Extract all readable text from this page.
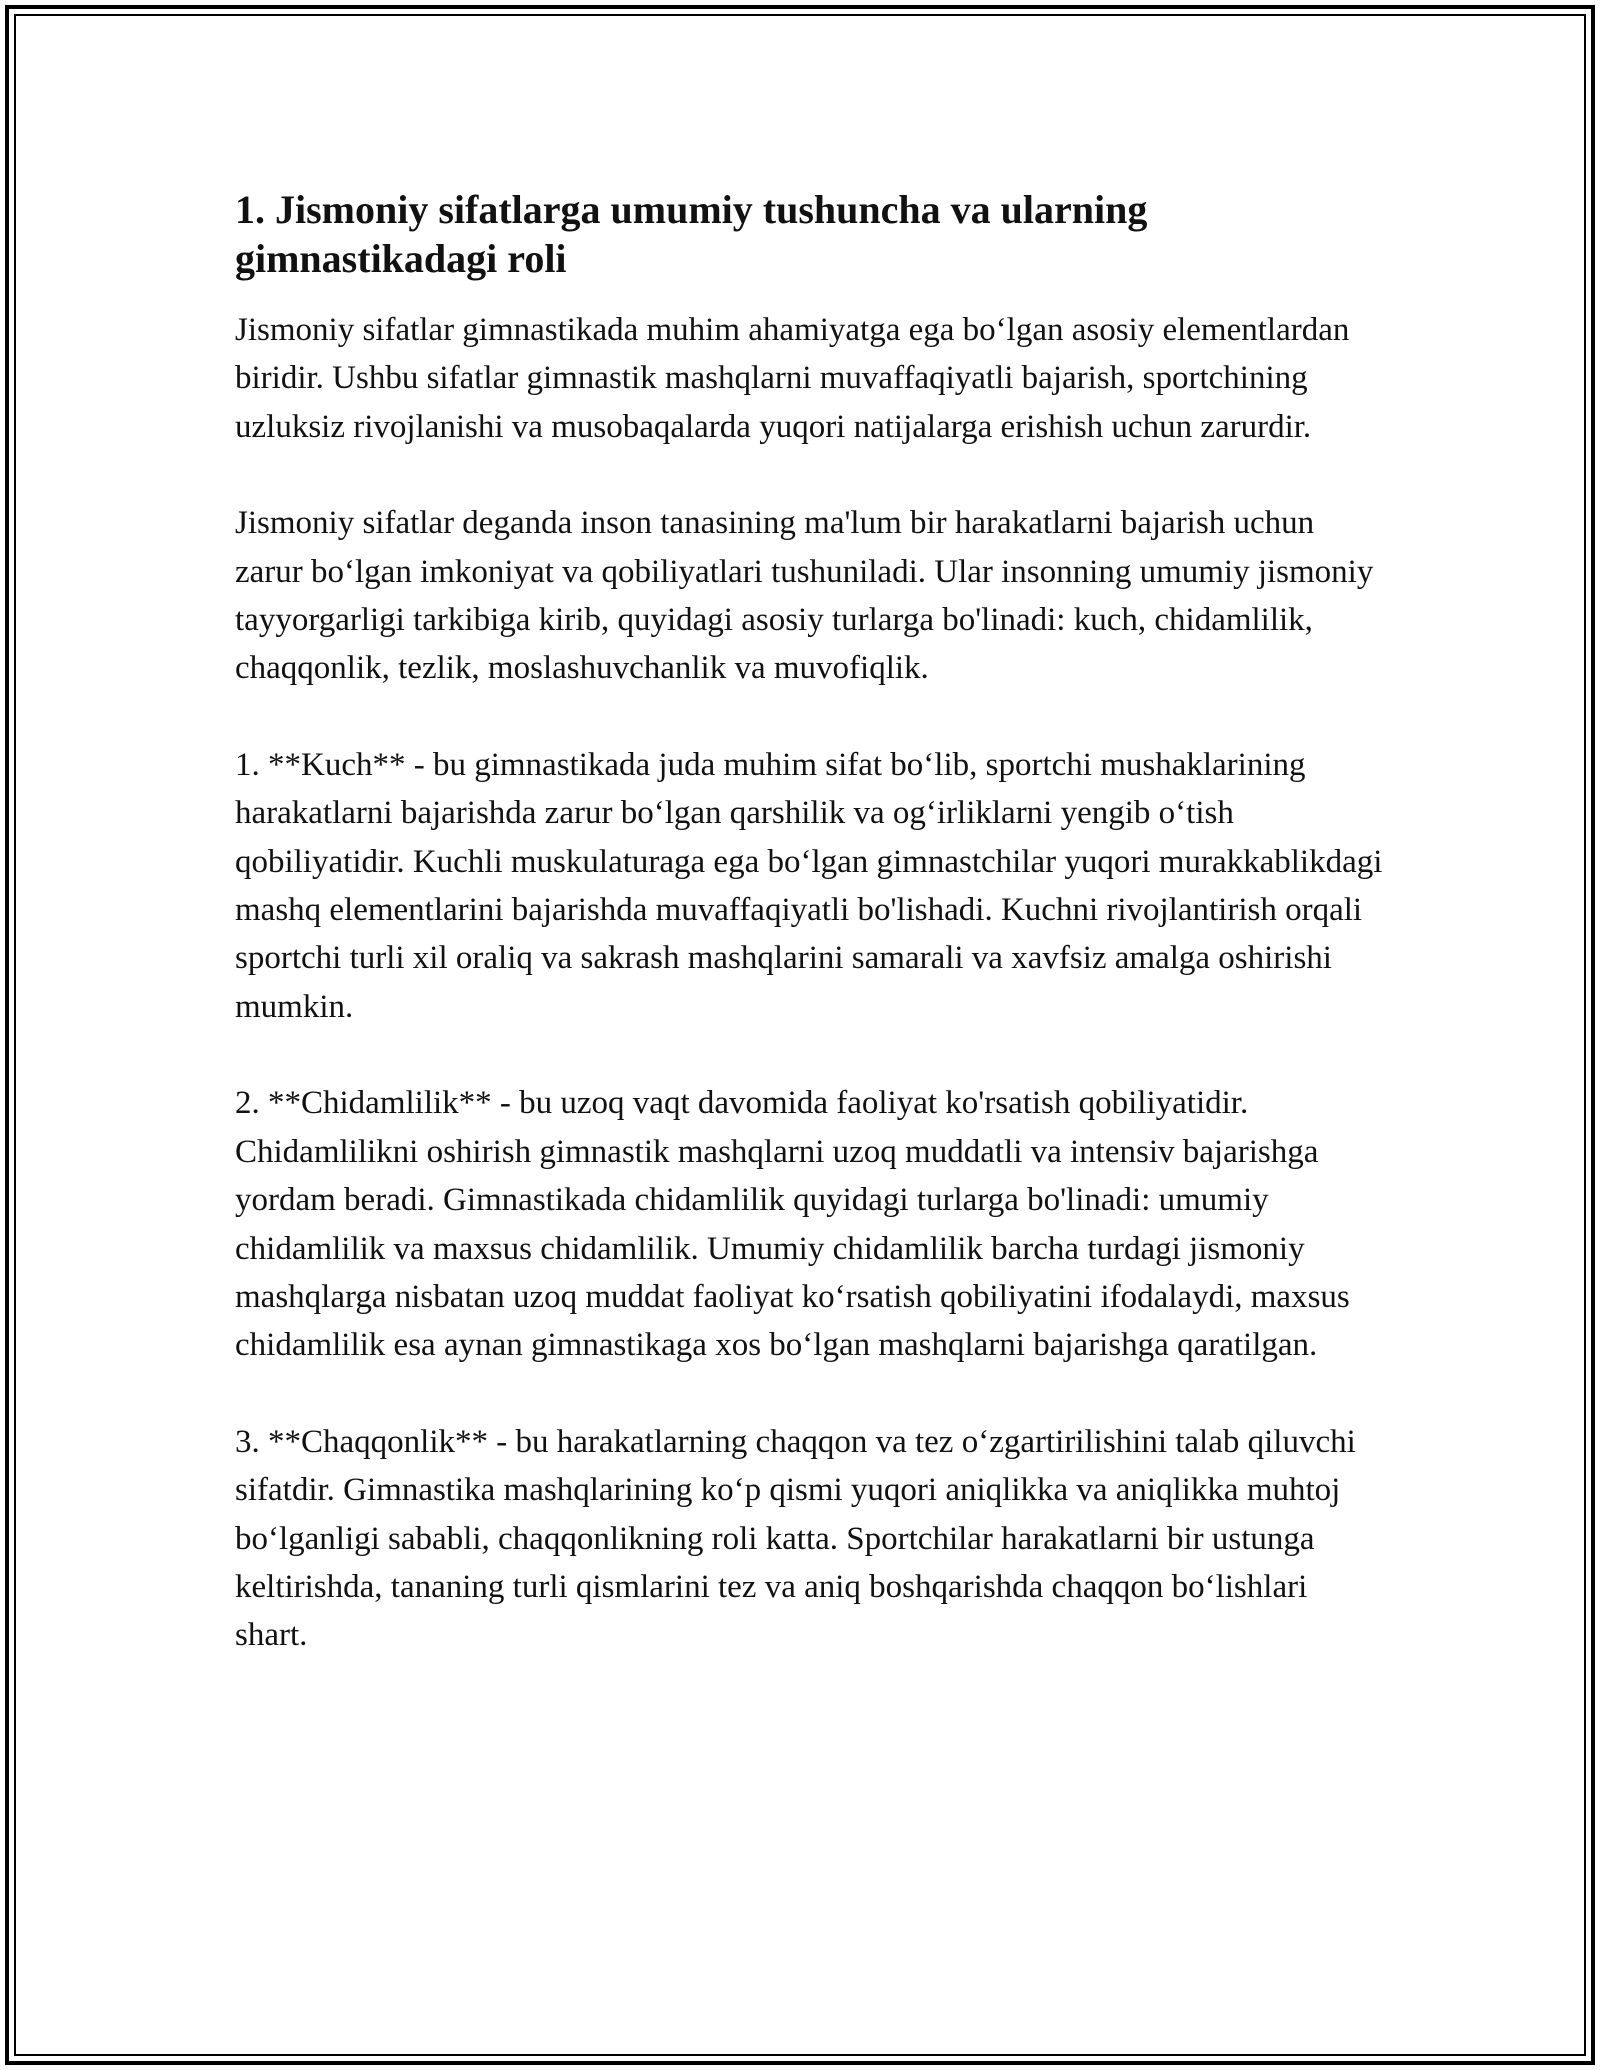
1. Jismoniy sifatlarga umumiy tushuncha va ularning gimnastikadagi roli

Jismoniy sifatlar gimnastikada muhim ahamiyatga ega boʻlgan asosiy elementlardan biridir. Ushbu sifatlar gimnastik mashqlarni muvaffaqiyatli bajarish, sportchining uzluksiz rivojlanishi va musobaqalarda yuqori natijalarga erishish uchun zarurdir.

Jismoniy sifatlar deganda inson tanasining ma'lum bir harakatlarni bajarish uchun zarur boʻlgan imkoniyat va qobiliyatlari tushuniladi. Ular insonning umumiy jismoniy tayyorgarligi tarkibiga kirib, quyidagi asosiy turlarga bo'linadi: kuch, chidamlilik, chaqqonlik, tezlik, moslashuvchanlik va muvofiqlik.

1. **Kuch** - bu gimnastikada juda muhim sifat boʻlib, sportchi mushaklarining harakatlarni bajarishda zarur boʻlgan qarshilik va ogʻirliklarni yengib oʻtish qobiliyatidir. Kuchli muskulaturaga ega boʻlgan gimnastchilar yuqori murakkablikdagi mashq elementlarini bajarishda muvaffaqiyatli bo'lishadi. Kuchni rivojlantirish orqali sportchi turli xil oraliq va sakrash mashqlarini samarali va xavfsiz amalga oshirishi mumkin.

2. **Chidamlilik** - bu uzoq vaqt davomida faoliyat ko'rsatish qobiliyatidir. Chidamlilikni oshirish gimnastik mashqlarni uzoq muddatli va intensiv bajarishga yordam beradi. Gimnastikada chidamlilik quyidagi turlarga bo'linadi: umumiy chidamlilik va maxsus chidamlilik. Umumiy chidamlilik barcha turdagi jismoniy mashqlarga nisbatan uzoq muddat faoliyat koʻrsatish qobiliyatini ifodalaydi, maxsus chidamlilik esa aynan gimnastikaga xos boʻlgan mashqlarni bajarishga qaratilgan.

3. **Chaqqonlik** - bu harakatlarning chaqqon va tez oʻzgartirilishini talab qiluvchi sifatdir. Gimnastika mashqlarining koʻp qismi yuqori aniqlikka va aniqlikka muhtoj boʻlganligi sababli, chaqqonlikning roli katta. Sportchilar harakatlarni bir ustunga keltirishda, tananing turli qismlarini tez va aniq boshqarishda chaqqon boʻlishlari shart.
